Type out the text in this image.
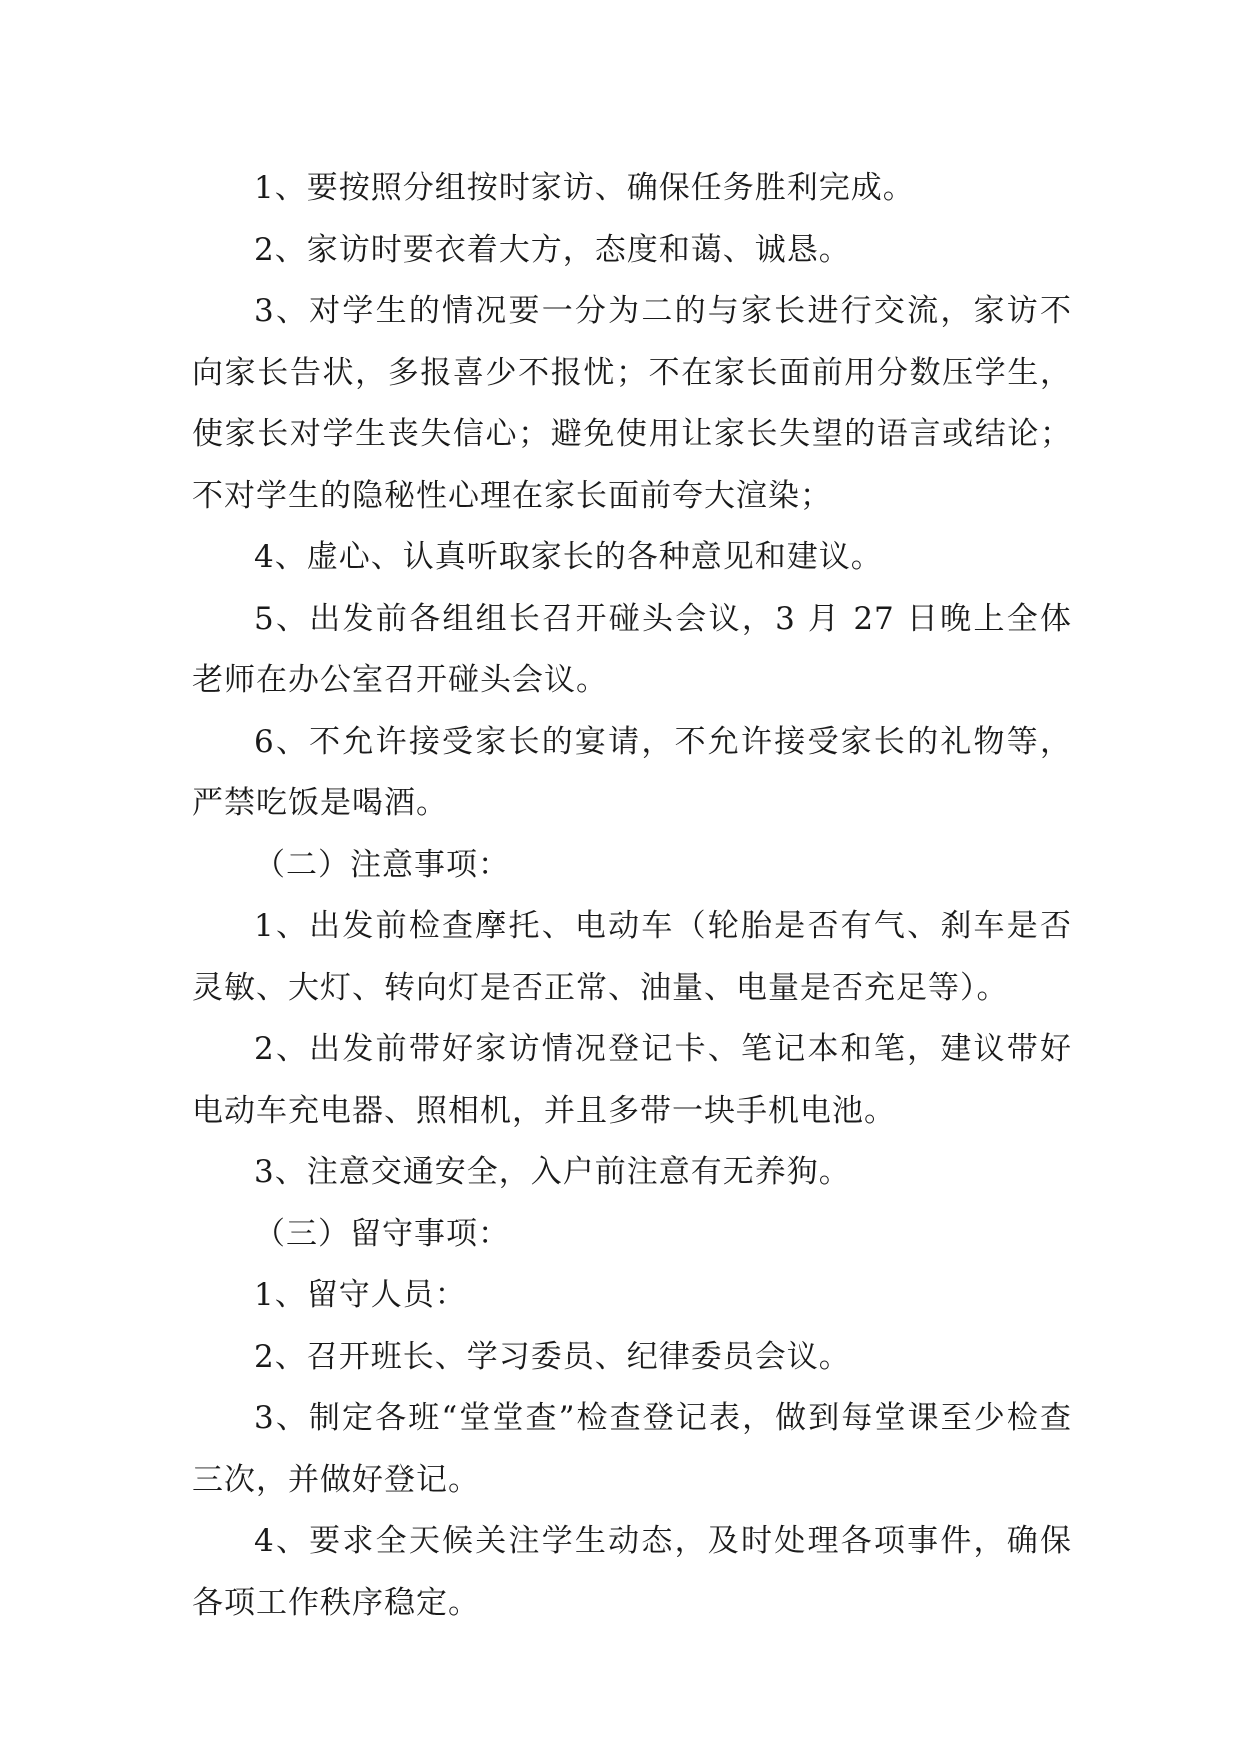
1、要按照分组按时家访、确保任务胜利完成。

2、家访时要衣着大方，态度和蔼、诚恳。

3、对学生的情况要一分为二的与家长进行交流，家访不向家长告状，多报喜少不报忧；不在家长面前用分数压学生，使家长对学生丧失信心；避免使用让家长失望的语言或结论；不对学生的隐秘性心理在家长面前夸大渲染；

4、虚心、认真听取家长的各种意见和建议。

5、出发前各组组长召开碰头会议，3 月 27 日晚上全体老师在办公室召开碰头会议。

6、不允许接受家长的宴请，不允许接受家长的礼物等，严禁吃饭是喝酒。

（二）注意事项：

1、出发前检查摩托、电动车（轮胎是否有气、刹车是否灵敏、大灯、转向灯是否正常、油量、电量是否充足等）。

2、出发前带好家访情况登记卡、笔记本和笔，建议带好电动车充电器、照相机，并且多带一块手机电池。

3、注意交通安全，入户前注意有无养狗。

（三）留守事项：

1、留守人员：

2、召开班长、学习委员、纪律委员会议。

3、制定各班“堂堂查”检查登记表，做到每堂课至少检查三次，并做好登记。

4、要求全天候关注学生动态，及时处理各项事件，确保各项工作秩序稳定。
